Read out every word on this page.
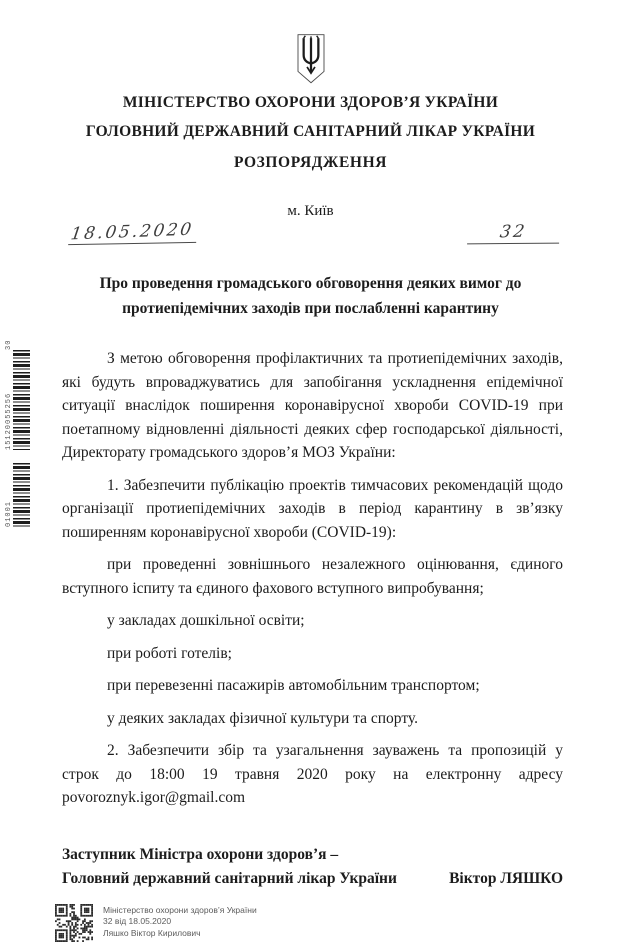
30
15120055256
01001
МІНІСТЕРСТВО ОХОРОНИ ЗДОРОВ’Я УКРАЇНИ
ГОЛОВНИЙ ДЕРЖАВНИЙ САНІТАРНИЙ ЛІКАР УКРАЇНИ
РОЗПОРЯДЖЕННЯ
м. Київ
18.05.2020	32
Про проведення громадського обговорення деяких вимог до протиепідемічних заходів при послабленні карантину

З метою обговорення профілактичних та протиепідемічних заходів, які будуть впроваджуватись для запобігання ускладнення епідемічної ситуації внаслідок поширення коронавірусної хвороби COVID-19 при поетапному відновленні діяльності деяких сфер господарської діяльності, Директорату громадського здоров’я МОЗ України:

1. Забезпечити публікацію проектів тимчасових рекомендацій щодо організації протиепідемічних заходів в період карантину в зв’язку поширенням коронавірусної хвороби (COVID-19):

при проведенні зовнішнього незалежного оцінювання, єдиного вступного іспиту та єдиного фахового вступного випробування;

у закладах дошкільної освіти;

при роботі готелів;

при перевезенні пасажирів автомобільним транспортом;

у деяких закладах фізичної культури та спорту.

2. Забезпечити збір та узагальнення зауважень та пропозицій у строк до 18:00 19 травня 2020 року на електронну адресу povoroznyk.igor@gmail.com

Заступник Міністра охорони здоров’я –
Головний державний санітарний лікар України	Віктор ЛЯШКО
Міністерство охорони здоров’я України
32 від 18.05.2020
Ляшко Віктор Кирилович
